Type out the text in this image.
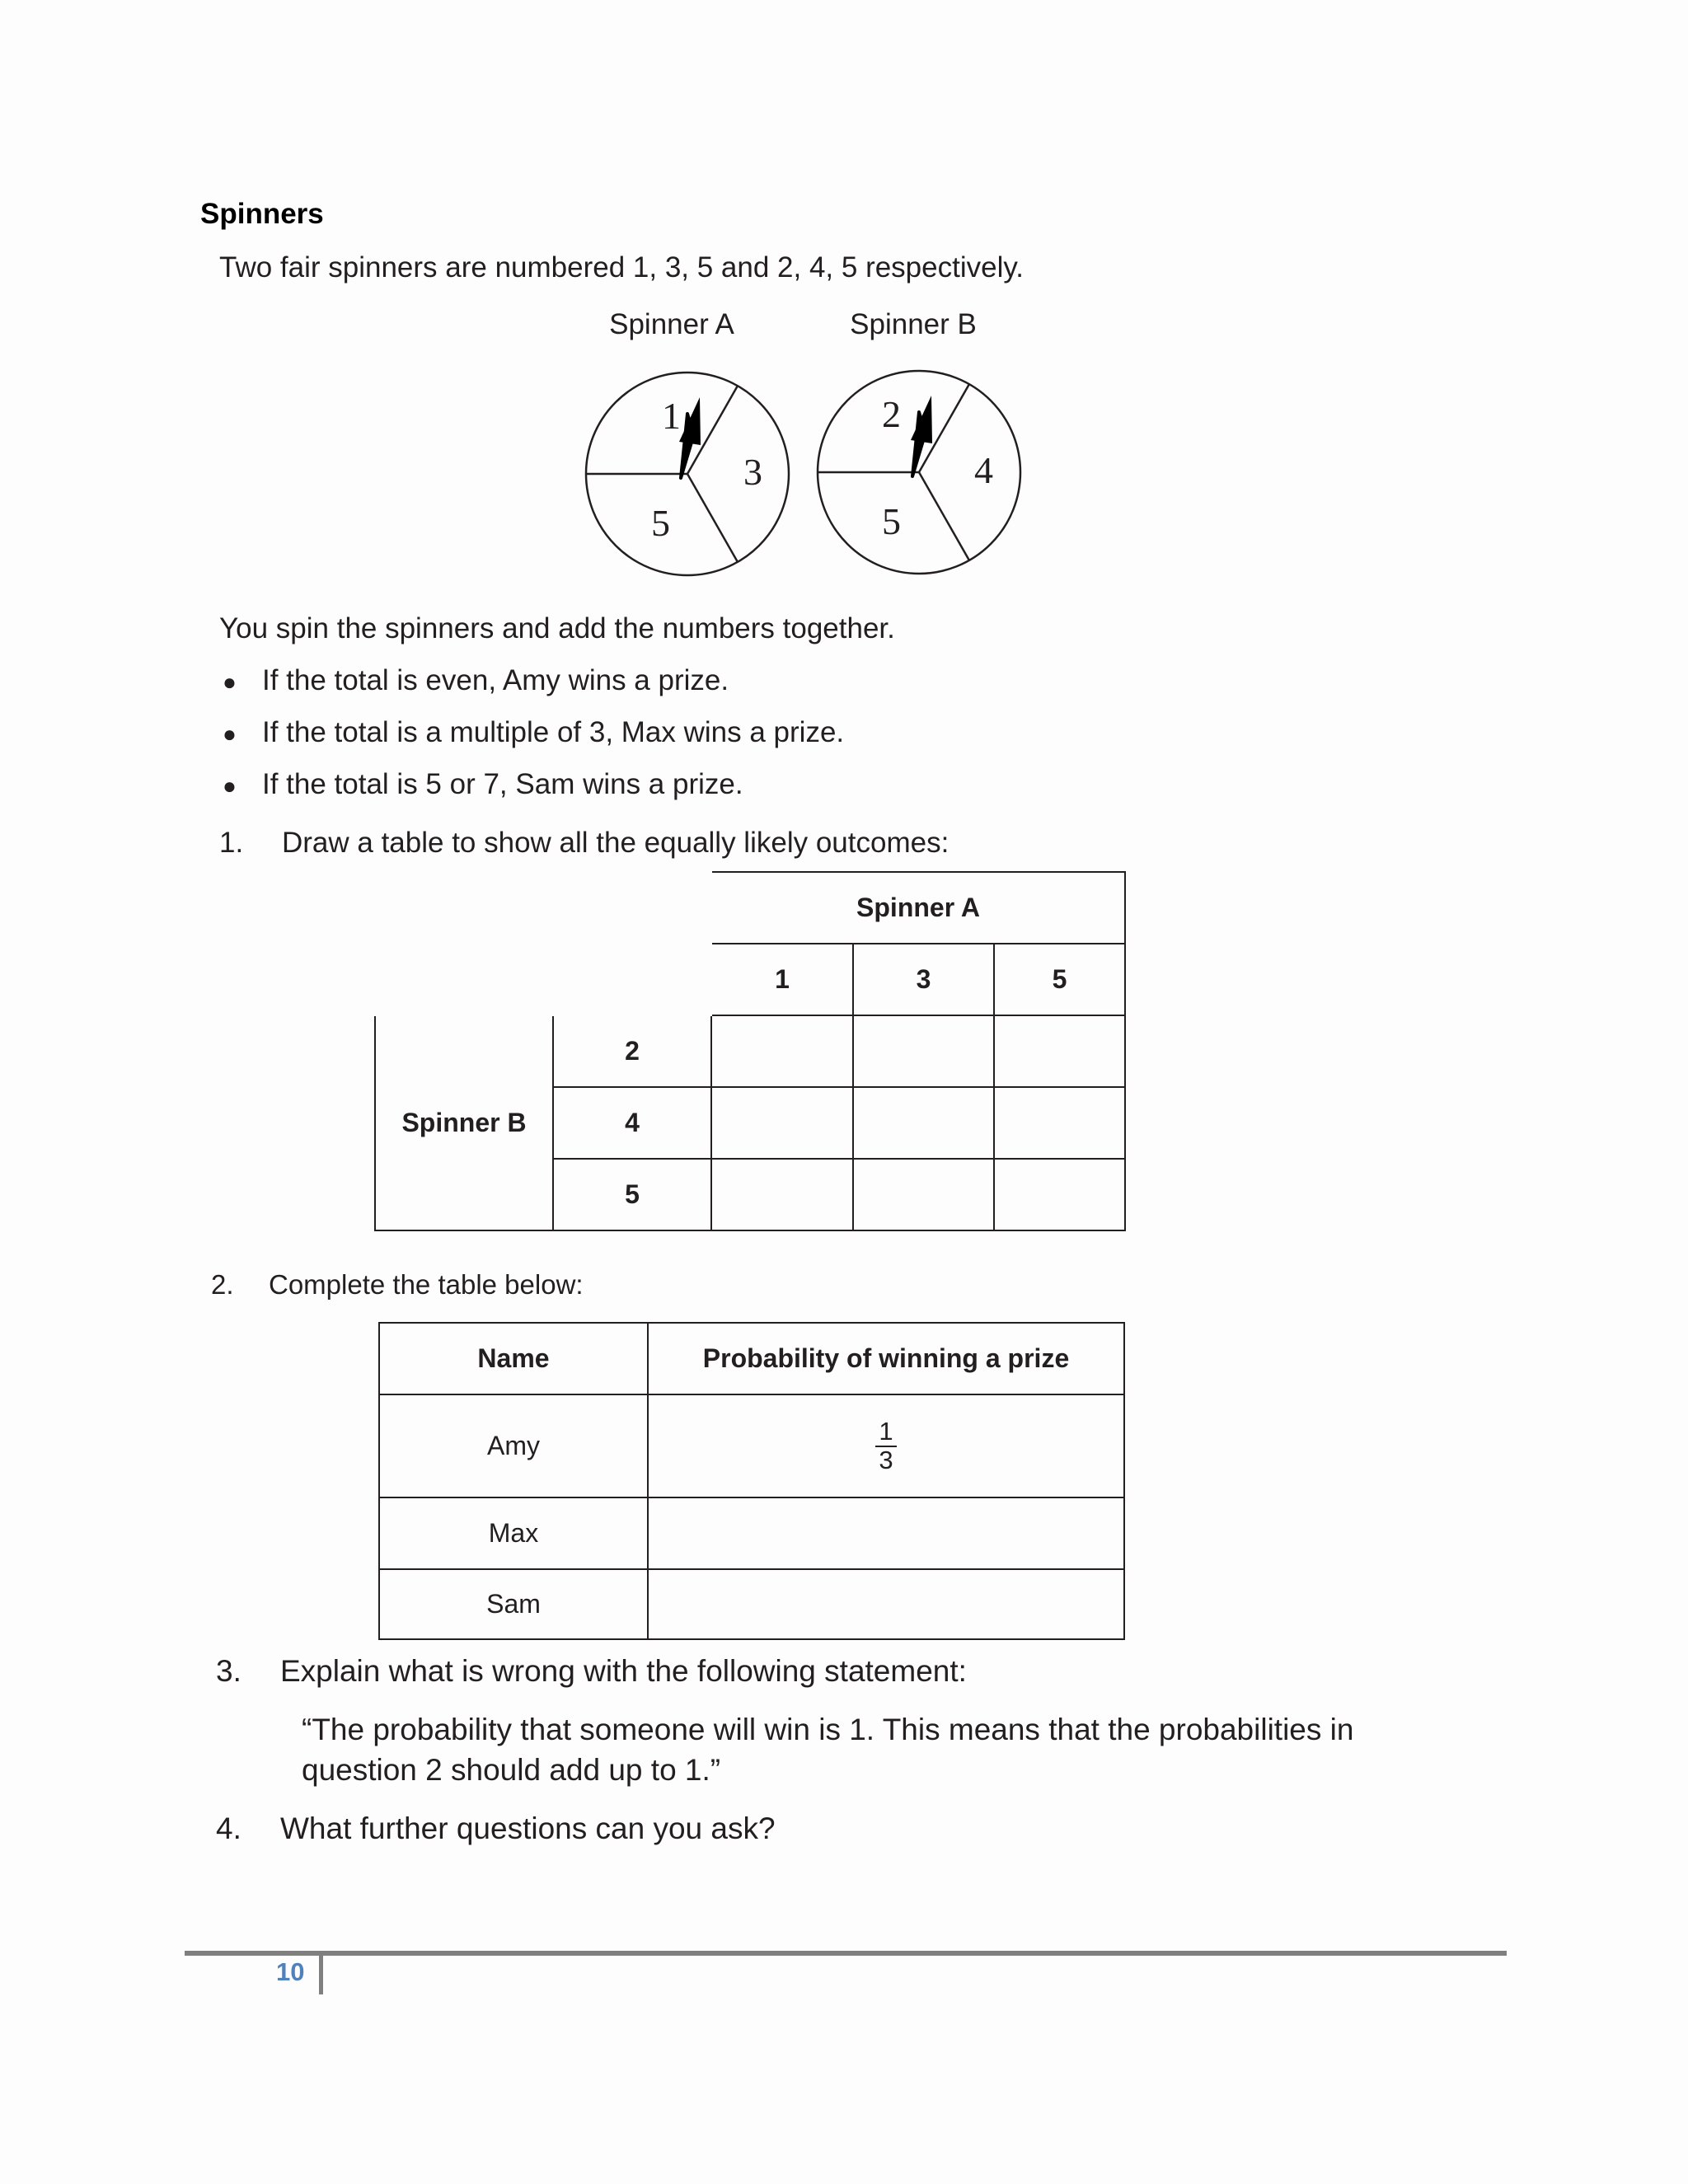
Spinners
Two fair spinners are numbered 1, 3, 5 and 2, 4, 5 respectively.
Spinner A	Spinner B
1
3
5
2
4
5
You spin the spinners and add the numbers together.
● If the total is even, Amy wins a prize.
● If the total is a multiple of 3, Max wins a prize.
● If the total is 5 or 7, Sam wins a prize.
1. Draw a table to show all the equally likely outcomes:
		Spinner A		
		1	3	5
Spinner B	2			
	4			
	5			
2. Complete the table below:
Name	Probability of winning a prize
Amy	$\frac{1}{3}$

Max	
Sam	
3. Explain what is wrong with the following statement:
“The probability that someone will win is 1. This means that the probabilities in
question 2 should add up to 1.”
4. What further questions can you ask?
10
